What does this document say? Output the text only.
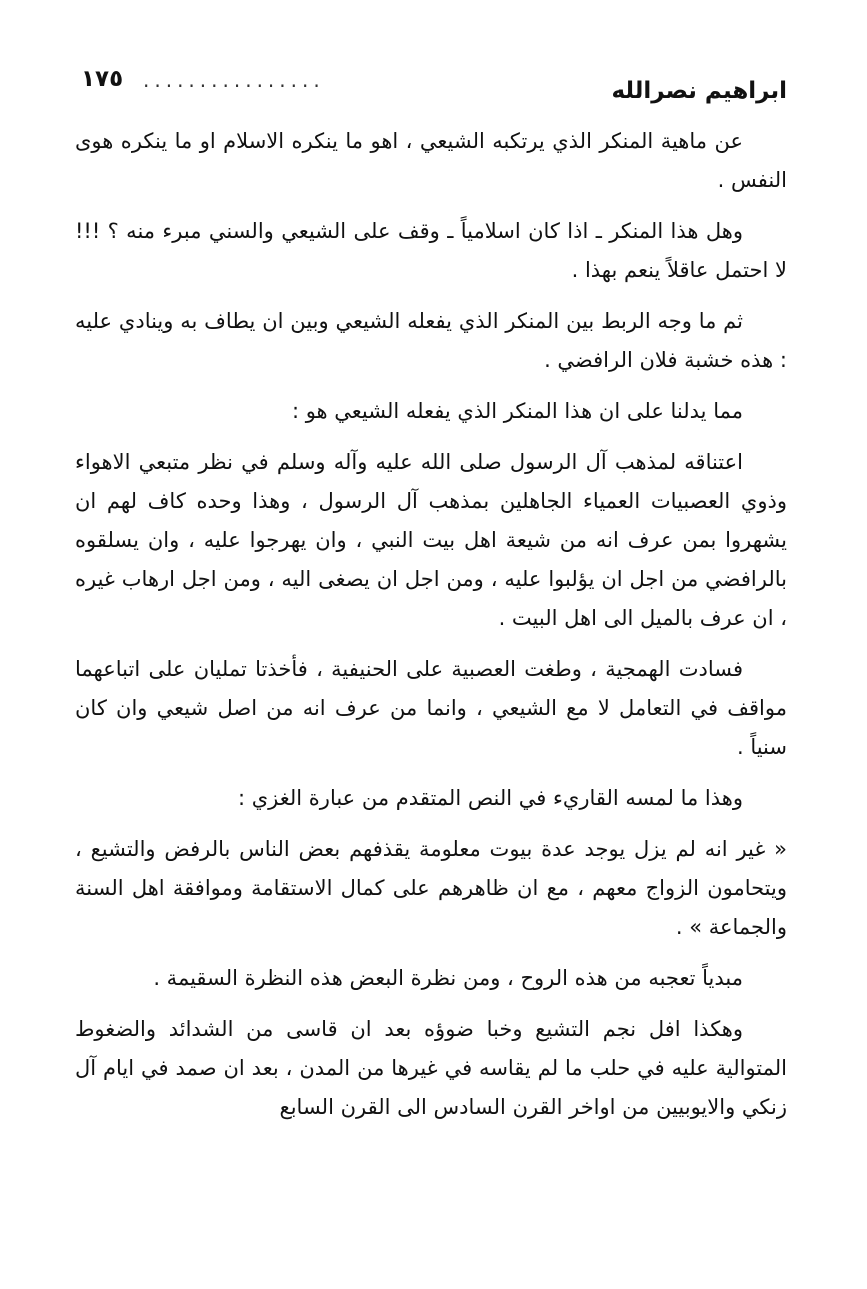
ابراهيم نصرالله
................
١٧٥

عن ماهية المنكر الذي يرتكبه الشيعي ، اهو ما ينكره الاسلام او ما ينكره هوى النفس .

وهل هذا المنكر ـ اذا كان اسلامياً ـ وقف على الشيعي والسني مبرء منه ؟ !!! لا احتمل عاقلاً ينعم بهذا .

ثم ما وجه الربط بين المنكر الذي يفعله الشيعي وبين ان يطاف به وينادي عليه : هذه خشبة فلان الرافضي .

مما يدلنا على ان هذا المنكر الذي يفعله الشيعي هو :

اعتناقه لمذهب آل الرسول صلى الله عليه وآله وسلم في نظر متبعي الاهواء وذوي العصبيات العمياء الجاهلين بمذهب آل الرسول ، وهذا وحده كاف لهم ان يشهروا بمن عرف انه من شيعة اهل بيت النبي ، وان يهرجوا عليه ، وان يسلقوه بالرافضي من اجل ان يؤلبوا عليه ، ومن اجل ان يصغى اليه ، ومن اجل ارهاب غيره ، ان عرف بالميل الى اهل البيت .

فسادت الهمجية ، وطغت العصبية على الحنيفية ، فأخذتا تمليان على اتباعهما مواقف في التعامل لا مع الشيعي ، وانما من عرف انه من اصل شيعي وان كان سنياً .

وهذا ما لمسه القاريء في النص المتقدم من عبارة الغزي :

« غير انه لم يزل يوجد عدة بيوت معلومة يقذفهم بعض الناس بالرفض والتشيع ، ويتحامون الزواج معهم ، مع ان ظاهرهم على كمال الاستقامة وموافقة اهل السنة والجماعة » .

مبدياً تعجبه من هذه الروح ، ومن نظرة البعض هذه النظرة السقيمة .

وهكذا افل نجم التشيع وخبا ضوؤه بعد ان قاسى من الشدائد والضغوط المتوالية عليه في حلب ما لم يقاسه في غيرها من المدن ، بعد ان صمد في ايام آل زنكي والايوبيين من اواخر القرن السادس الى القرن السابع
